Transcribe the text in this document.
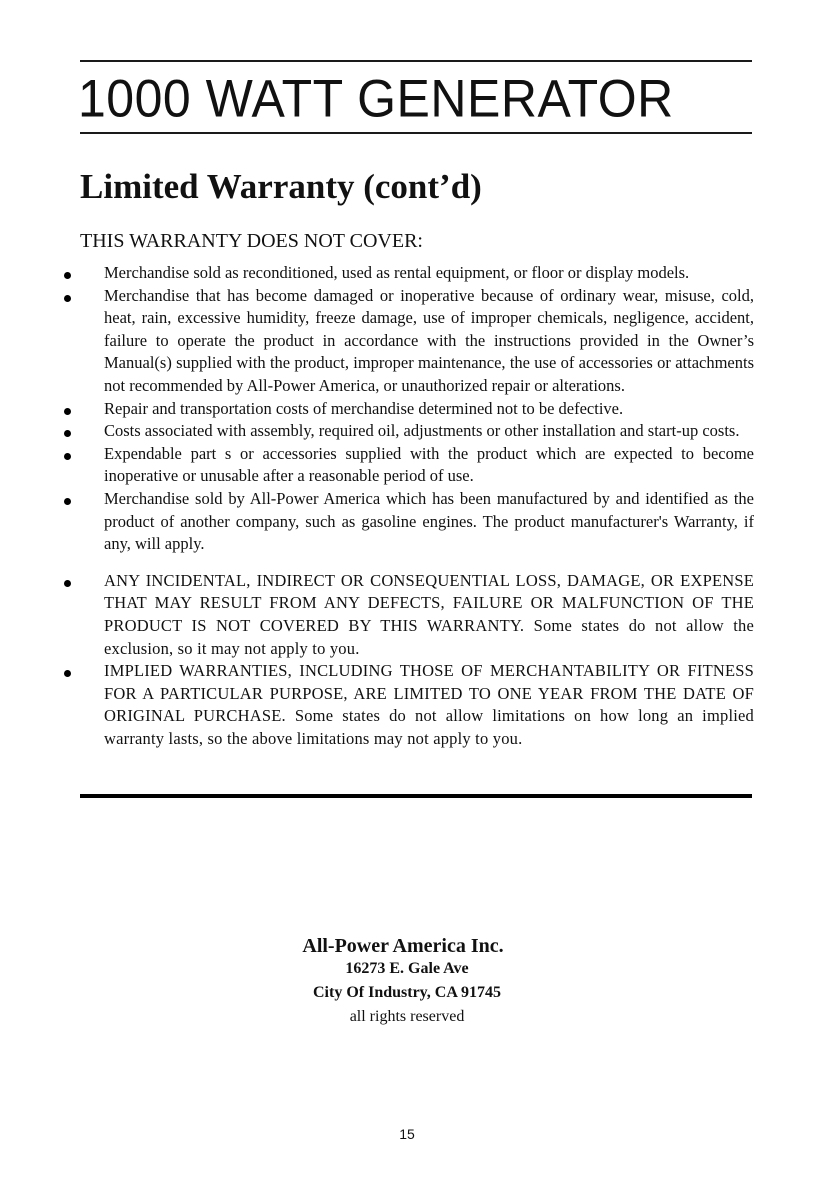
1000 WATT GENERATOR
Limited Warranty (cont’d)

THIS WARRANTY DOES NOT COVER:

Merchandise sold as reconditioned, used as rental equipment, or floor or display models.
Merchandise that has become damaged or inoperative because of ordinary wear, misuse, cold, heat, rain, excessive humidity, freeze damage, use of improper chemicals, negligence, accident, failure to operate the product in accordance with the instructions provided in the Owner’s Manual(s) supplied with the product, improper maintenance, the use of accessories or attachments not recommended by All-Power America, or unauthorized repair or alterations.
Repair and transportation costs of merchandise determined not to be defective.
Costs associated with assembly, required oil, adjustments or other installation and start-up costs.
Expendable part s or accessories supplied with the product which are expected to become inoperative or unusable after a reasonable period of use.
Merchandise sold by All-Power America which has been manufactured by and identified as the product of another company, such as gasoline engines. The product manufacturer's Warranty, if any, will apply.
ANY INCIDENTAL, INDIRECT OR CONSEQUENTIAL LOSS, DAMAGE, OR EXPENSE THAT MAY RESULT FROM ANY DEFECTS, FAILURE OR MALFUNCTION OF THE PRODUCT IS NOT COVERED BY THIS WARRANTY. Some states do not allow the exclusion, so it may not apply to you.
IMPLIED WARRANTIES, INCLUDING THOSE OF MERCHANTABILITY OR FITNESS FOR A PARTICULAR PURPOSE, ARE LIMITED TO ONE YEAR FROM THE DATE OF ORIGINAL PURCHASE. Some states do not allow limitations on how long an implied warranty lasts, so the above limitations may not apply to you.
All-Power America Inc.
16273 E. Gale Ave
City Of Industry, CA 91745
all rights reserved
15
